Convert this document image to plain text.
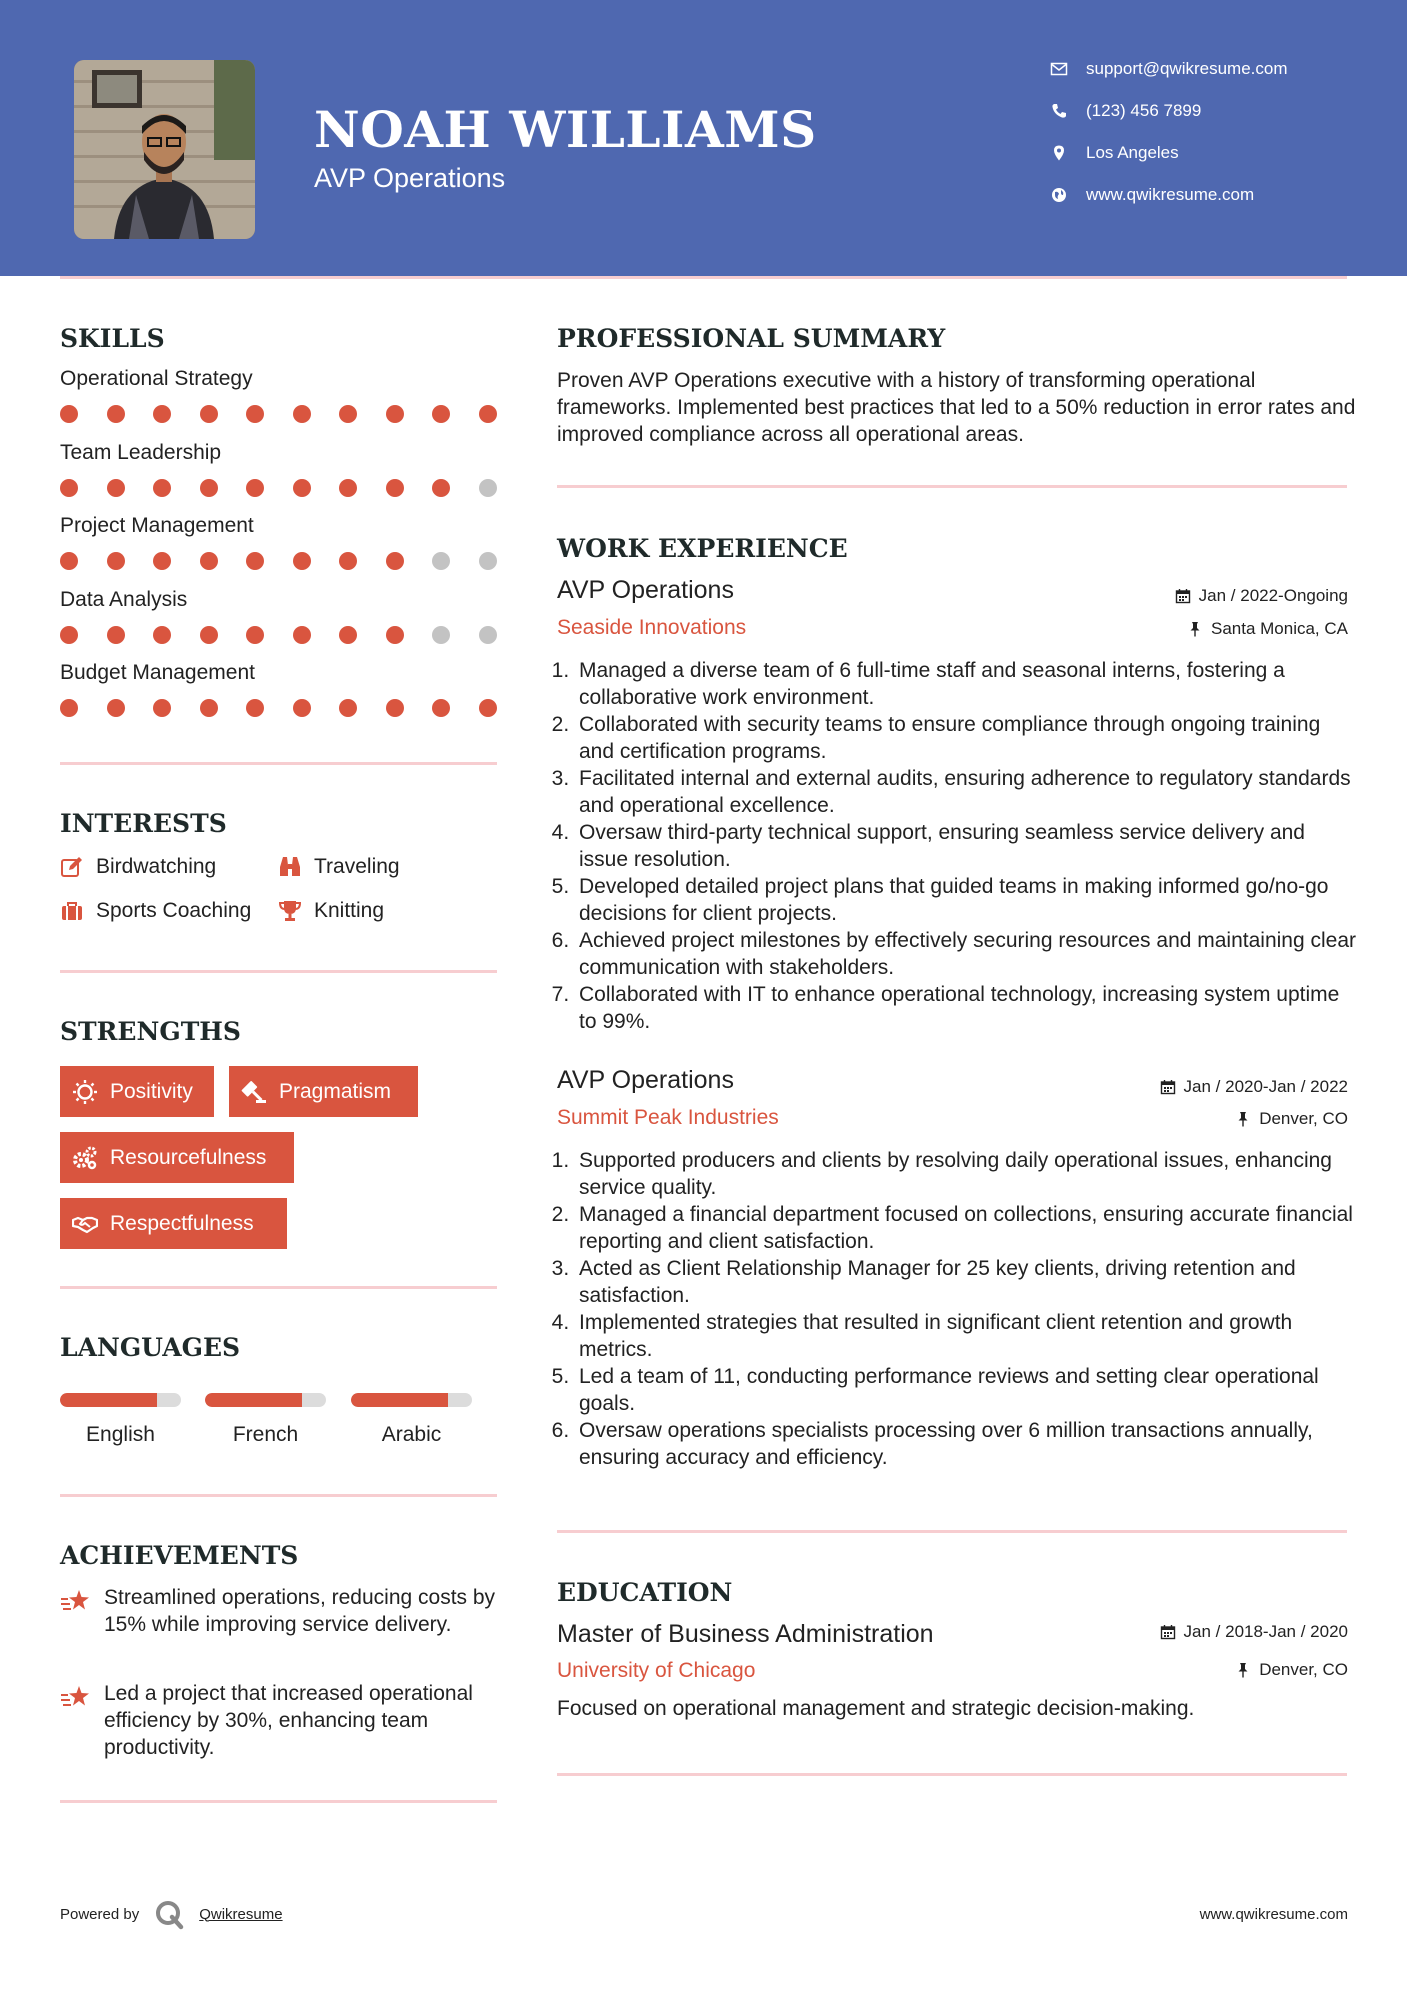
NOAH WILLIAMS
AVP Operations
support@qwikresume.com
(123) 456 7899
Los Angeles
www.qwikresume.com
SKILLS
Operational Strategy
Team Leadership
Project Management
Data Analysis
Budget Management
INTERESTS
Birdwatching	Traveling
Sports Coaching	Knitting
STRENGTHS
Positivity	Pragmatism
Resourcefulness
Respectfulness
LANGUAGES
English	French	Arabic
ACHIEVEMENTS
Streamlined operations, reducing costs by 15% while improving service delivery.
Led a project that increased operational efficiency by 30%, enhancing team productivity.
PROFESSIONAL SUMMARY
Proven AVP Operations executive with a history of transforming operational frameworks. Implemented best practices that led to a 50% reduction in error rates and improved compliance across all operational areas.
WORK EXPERIENCE
AVP Operations	Jan / 2022-Ongoing
Seaside Innovations	Santa Monica, CA
1. Managed a diverse team of 6 full-time staff and seasonal interns, fostering a collaborative work environment.
2. Collaborated with security teams to ensure compliance through ongoing training and certification programs.
3. Facilitated internal and external audits, ensuring adherence to regulatory standards and operational excellence.
4. Oversaw third-party technical support, ensuring seamless service delivery and issue resolution.
5. Developed detailed project plans that guided teams in making informed go/no-go decisions for client projects.
6. Achieved project milestones by effectively securing resources and maintaining clear communication with stakeholders.
7. Collaborated with IT to enhance operational technology, increasing system uptime to 99%.
AVP Operations	Jan / 2020-Jan / 2022
Summit Peak Industries	Denver, CO
1. Supported producers and clients by resolving daily operational issues, enhancing service quality.
2. Managed a financial department focused on collections, ensuring accurate financial reporting and client satisfaction.
3. Acted as Client Relationship Manager for 25 key clients, driving retention and satisfaction.
4. Implemented strategies that resulted in significant client retention and growth metrics.
5. Led a team of 11, conducting performance reviews and setting clear operational goals.
6. Oversaw operations specialists processing over 6 million transactions annually, ensuring accuracy and efficiency.
EDUCATION
Master of Business Administration	Jan / 2018-Jan / 2020
University of Chicago	Denver, CO
Focused on operational management and strategic decision-making.
Powered by	Qwikresume	www.qwikresume.com
